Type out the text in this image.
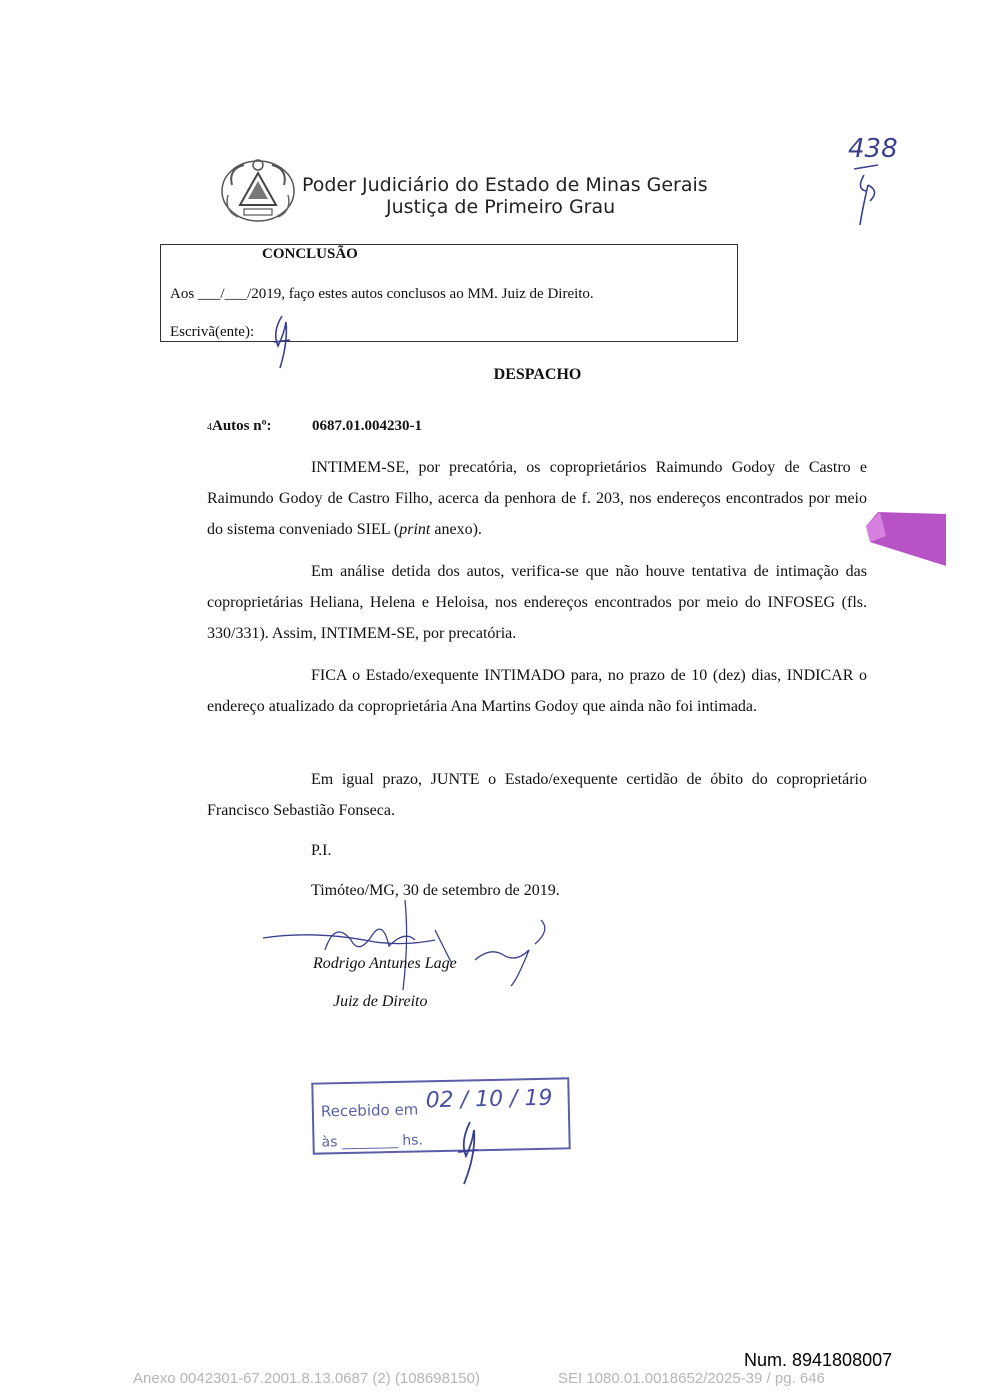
Poder Judiciário do Estado de Minas Gerais
Justiça de Primeiro Grau
438
CONCLUSÃO
Aos ___/___/2019, faço estes autos conclusos ao MM. Juiz de Direito.
Escrivã(ente):
DESPACHO
4Autos nº:	0687.01.004230-1

INTIMEM-SE, por precatória, os coproprietários Raimundo Godoy de Castro e Raimundo Godoy de Castro Filho, acerca da penhora de f. 203, nos endereços encontrados por meio do sistema conveniado SIEL (print anexo).

Em análise detida dos autos, verifica-se que não houve tentativa de intimação das coproprietárias Heliana, Helena e Heloisa, nos endereços encontrados por meio do INFOSEG (fls. 330/331). Assim, INTIMEM-SE, por precatória.

FICA o Estado/exequente INTIMADO para, no prazo de 10 (dez) dias, INDICAR o endereço atualizado da coproprietária Ana Martins Godoy que ainda não foi intimada.

Em igual prazo, JUNTE o Estado/exequente certidão de óbito do coproprietário Francisco Sebastião Fonseca.

P.I.
Timóteo/MG, 30 de setembro de 2019.
Rodrigo Antunes Lage
Juiz de Direito
Recebido em 02 / 10 / 19
às ________ hs.
Num. 8941808007
Anexo 0042301-67.2001.8.13.0687 (2) (108698150)	SEI 1080.01.0018652/2025-39 / pg. 646
